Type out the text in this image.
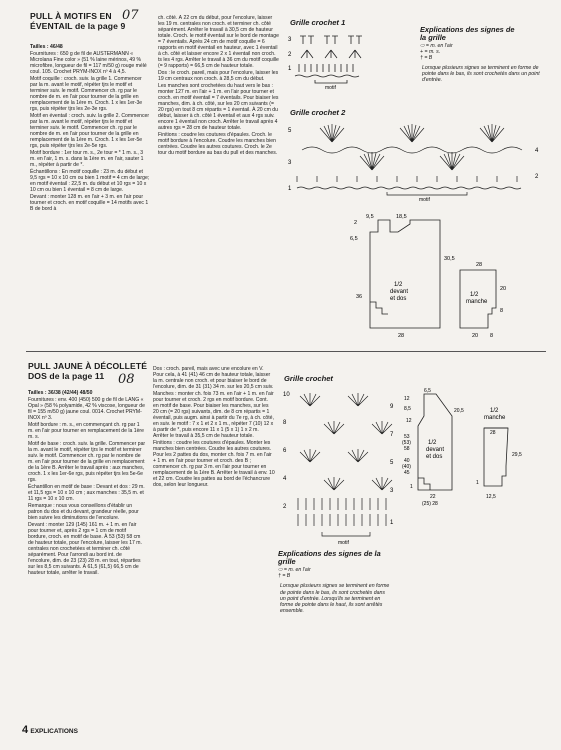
PULL À MOTIFS EN
ÉVENTAIL de la page 9
07

Tailles : 46/48

Fournitures : 650 g de fil de AUSTERMANN « Microlana Fine color » (51 % laine mérinos, 49 % microfibre, longueur de fil = 117 m/50 g) rouge mélé coul. 105. Crochet PRYM-INOX nº 4 à 4,5.

Motif coquille : croch. suiv. la grille 1. Commencer par la m. avant le motif, répéter tjrs le motif et terminer suiv. le motif. Commencer ch. rg par le nombre de m. en l'air pour tourner de la grille en remplacement de la 1ère m. Croch. 1 x les 1er-3e rgs, puis répéter tjrs les 2e-3e rgs.

Motif en éventail : croch. suiv. la grille 2. Commencer par la m. avant le motif, répéter tjrs le motif et terminer suiv. le motif. Commencer ch. rg par le nombre de m. en l'air pour tourner de la grille en remplacement de la 1ère m. Croch. 1 x les 1er-5e rgs, puis répéter tjrs les 2e-5e rgs.

Motif bordure : 1er tour m. s., 2e tour = * 1 m. s., 3 m. en l'air, 1 m. s. dans la 1ère m. en l'air, sauter 1 m., répéter à partir de *.

Échantillons : En motif coquille : 23 m. du début et 9,5 rgs = 10 x 10 cm ou bien 1 motif = 4 cm de large; en motif éventail : 22,5 m. du début et 10 rgs = 10 x 10 cm ou bien 1 éventail = 8 cm de large.

Devant : monter 128 m. en l'air + 3 m. en l'air pour tourner et croch. en motif coquille = 14 motifs avec 1 B de bord à

ch. côté. À 22 cm du début, pour l'encolure, laisser les 19 m. centrales non croch. et terminer ch. côté séparément. Arrêter le travail à 30,5 cm de hauteur totale. Croch. le motif éventail sur le bord de montage = 7 éventails. Après 24 cm de motif coquille = 6 rapports en motif éventail en hauteur, avec 1 éventail à ch. côté et laisser encore 2 x 1 éventail non croch. ts les 4 rgs. Arrêter le travail à 36 cm du motif coquille (= 9 rapports) = 66,5 cm de hauteur totale.

Dos : le croch. pareil, mais pour l'encolure, laisser les 19 cm centraux non croch. à 28,5 cm du début.

Les manches sont crochetées du haut vers le bas : monter 127 m. en l'air + 1 m. en l'air pour tourner et croch. en motif éventail = 7 éventails. Pour biaiser les manches, dim. à ch. côté, sur les 20 cm suivants (= 20 rgs) en tout 8 cm répartis = 1 éventail. À 20 cm du début, laisser à ch. côté 1 éventail et aux 4 rgs suiv. encore 1 éventail non croch. Arrêter le travail après 4 autres rgs = 28 cm de hauteur totale.

Finitions : coudre les coutures d'épaules. Croch. le motif bordure à l'encolure. Coudre les manches bien centrées. Coudre les autres coutures. Croch. le 2e tour du motif bordure au bas du pull et des manches.

Grille crochet 1
3
2
1
motif
Explications des signes de
la grille
⬭ = m. en l'air
+ = m. s.
† = B
Lorsque plusieurs signes se terminent en forme de pointe dans le bas, ils sont crochetés dans un point d'entrée.
Grille crochet 2
5
4
3
2
1
motif
9,5	18,5
2
6,5
30,5
36
1/2
devant
et dos
28
1/2
manche
8
20
28
20 8
PULL JAUNE À DÉCOLLETÉ
DOS de la page 11	08

Tailles : 36/38 (42/44) 48/50

Fournitures : env. 400 (450) 500 g de fil de LANG « Opal » (58 % polyamide, 42 % viscose, longueur de fil = 155 m/50 g) jaune coul. 0014. Crochet PRYM-INOX nº 3.

Motif bordure : m. s., en commençant ch. rg par 1 m. en l'air pour tourner en remplacement de la 1ère m. s.

Motif de base : croch. suiv. la grille. Commencer par la m. avant le motif, répéter tjrs le motif et terminer suiv. le motif. Commencer ch. rg par le nombre de m. en l'air pour tourner de la grille en remplacement de la 1ère B. Arrêter le travail après : aux manches, croch. 1 x les 1er-6e rgs, puis répéter tjrs les 5e-6e rgs.

Échantillon en motif de base : Devant et dos : 29 m. et 11,5 rgs = 10 x 10 cm ; aux manches : 35,5 m. et 11 rgs = 10 x 10 cm.

Remarque : nous vous conseillons d'établir un patron du dos et du devant, grandeur réelle, pour bien suivre les diminutions de l'encolure.

Devant : monter 129 (145) 161 m. + 1 m. en l'air pour tourner et, après 2 rgs = 1 cm de motif bordure, croch. en motif de base. À 53 (53) 58 cm de hauteur totale, pour l'encolure, laisser les 17 m. centrales non crochetées et terminer ch. côté séparément. Pour l'arrondi au bord int. de l'encolure, dim. de 23 (23) 28 m. en tout, réparties sur les 8,5 cm suivants. À 61,5 (61,5) 66,5 cm de hauteur totale, arrêter le travail.

Dos : croch. pareil, mais avec une encolure en V. Pour cela, à 41 (41) 46 cm de hauteur totale, laisser la m. centrale non croch. et pour biaiser le bord de l'encolure, dim. de 31 (31) 34 m. sur les 20,5 cm suiv.

Manches : monter ch. fois 73 m. en l'air + 1 m. en l'air pour tourner et croch. 2 rgs en motif bordure. Cont. en motif de base. Pour biaiser les manches, sur les 20 cm (= 20 rgs) suivants, dim. de 8 cm répartis = 1 éventail, puis augm. ainsi à partir du 7e rg, à ch. côté, en suiv. le motif : 7 x 1 et 2 x 1 m., répéter 7 (10) 12 x à partir de *, puis encore 11 x 1 (5 x 1) 1 x 2 m. Arrêter le travail à 35,5 cm de hauteur totale.

Finitions : coudre les coutures d'épaules. Monter les manches bien centrées. Coudre les autres coutures. Pour les 2 pattes du dos, monter ch. fois 7 m. en l'air + 1 m. en l'air pour tourner et croch. des B ; commencer ch. rg par 3 m. en l'air pour tourner en remplacement de la 1ère B. Arrêter le travail à env. 10 et 22 cm. Coudre les pattes au bord de l'échancrure dos, selon leur longueur.

Grille crochet
10
9
8
7
6
5
4
3
2
1
motif
6,5
12
8,5	20,5
12
53
(53)
58
40
(40)
45
1
1/2
devant
et dos
22
(25) 28
1/2
manche
28
29,5
1
12,5
Explications des signes de la
grille
⬭ = m. en l'air
† = B
Lorsque plusieurs signes se terminent en forme de pointe dans le bas, ils sont crochetés dans un point d'entrée. Lorsqu'ils se terminent en forme de pointe dans le haut, ils sont arrêtés ensemble.
4 EXPLICATIONS
